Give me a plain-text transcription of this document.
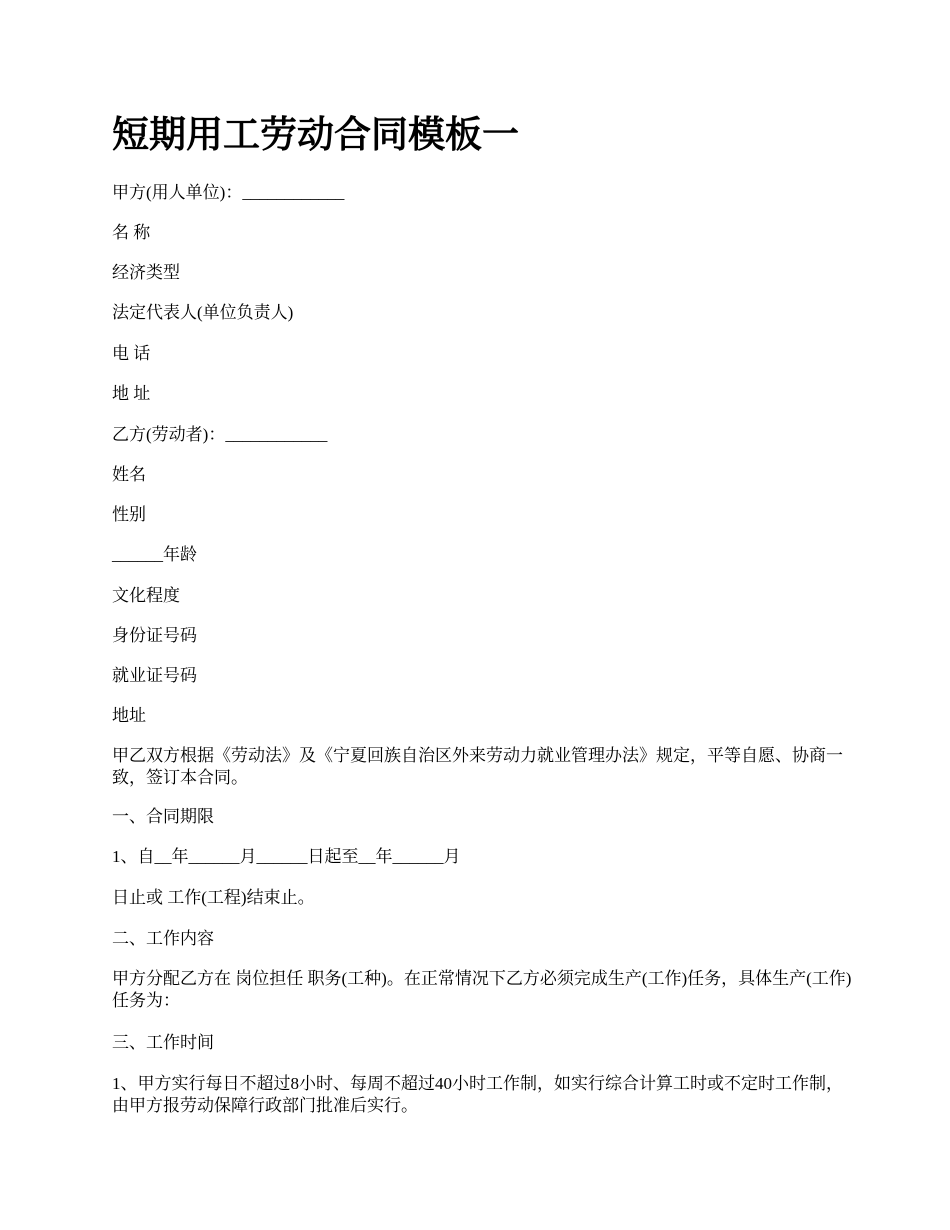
短期用工劳动合同模板一

甲方(用人单位)：____________

名 称

经济类型

法定代表人(单位负责人)

电 话

地 址

乙方(劳动者)：____________

姓名

性别

______年龄

文化程度

身份证号码

就业证号码

地址

甲乙双方根据《劳动法》及《宁夏回族自治区外来劳动力就业管理办法》规定，平等自愿、协商一致，签订本合同。

一、合同期限

1、自__年______月______日起至__年______月

日止或 工作(工程)结束止。

二、工作内容

甲方分配乙方在 岗位担任 职务(工种)。在正常情况下乙方必须完成生产(工作)任务，具体生产(工作)任务为：

三、工作时间

1、甲方实行每日不超过8小时、每周不超过40小时工作制，如实行综合计算工时或不定时工作制，由甲方报劳动保障行政部门批准后实行。
